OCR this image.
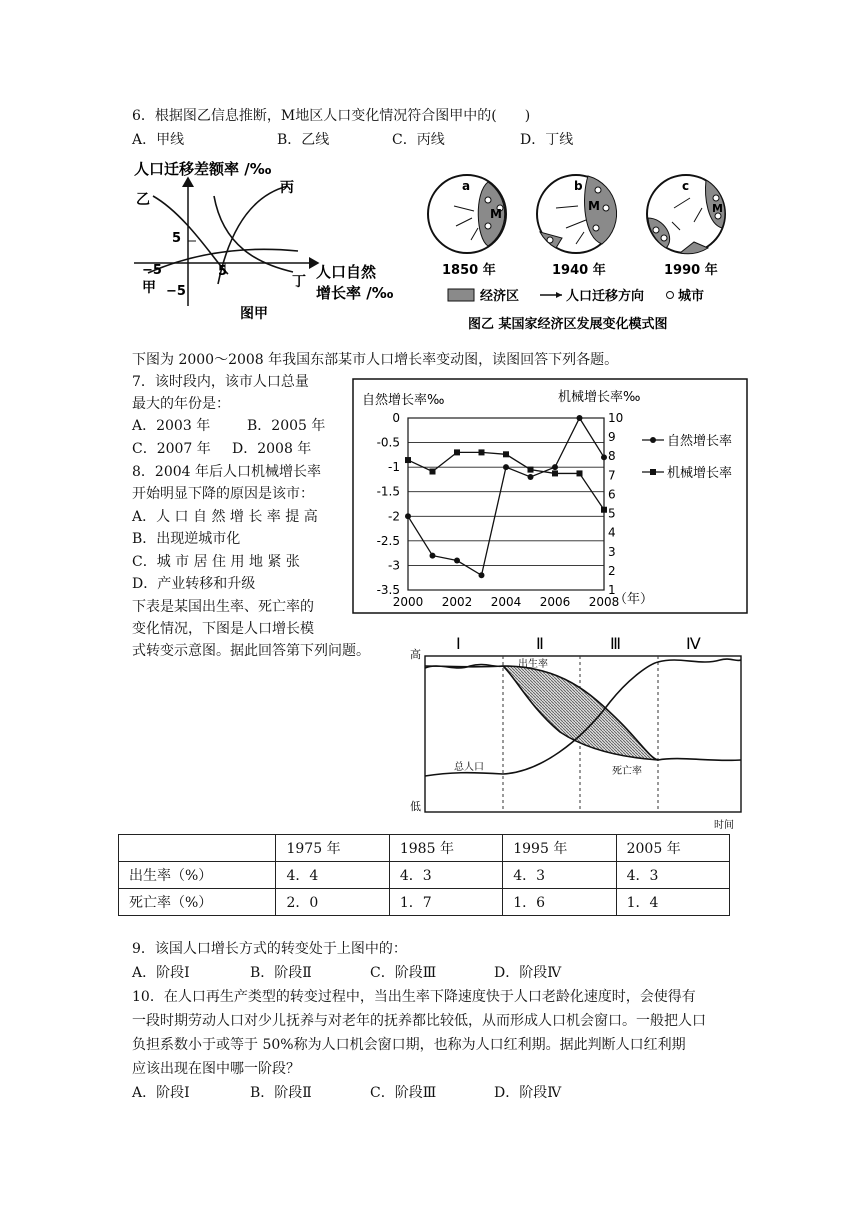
6．根据图乙信息推断，M地区人口变化情况符合图甲中的(　　)
A．甲线	B．乙线	C．丙线	D．丁线
人口迁移差额率 /‰
乙
丙
甲	丁
−5
5
−5
5	人口自然
增长率 /‰
图甲
a
M
1850 年
b
M
1940 年
c
M
1990 年
经济区	人口迁移方向	城市
图乙 某国家经济区发展变化模式图
下图为 2000～2008 年我国东部某市人口增长率变动图，读图回答下列各题。
7．该时段内，该市人口总量
最大的年份是：
A．2003 年	B．2005 年
C．2007 年 D．2008 年
8．2004 年后人口机械增长率
开始明显下降的原因是该市：
A．人 口 自 然 增 长 率 提 高
B．出现逆城市化
C．城 市 居 住 用 地 紧 张
D．产业转移和升级
下表是某国出生率、死亡率的
变化情况，下图是人口增长模
式转变示意图。据此回答第下列问题。
自然增长率‰	机械增长率‰
0
-0.5
-1
-1.5
-2
-2.5
-3
-3.5
10
9
8
7
6
5
4
3
2
1
2000 2002 2004 2006 2008
（年）
自然增长率
机械增长率
Ⅰ	Ⅱ	Ⅲ	Ⅳ
高
低
时间
出生率
死亡率
总人口
	1975 年	1985 年	1995 年	2005 年
出生率（%）	4．4	4．3	4．3	4．3
死亡率（%）	2．0	1．7	1．6	1．4
9．该国人口增长方式的转变处于上图中的：
A．阶段Ⅰ	B．阶段Ⅱ	C．阶段Ⅲ	D．阶段Ⅳ
10．在人口再生产类型的转变过程中，当出生率下降速度快于人口老龄化速度时，会使得有
一段时期劳动人口对少儿抚养与对老年的抚养都比较低，从而形成人口机会窗口。一般把人口
负担系数小于或等于 50%称为人口机会窗口期，也称为人口红利期。据此判断人口红利期
应该出现在图中哪一阶段？
A．阶段Ⅰ	B．阶段Ⅱ	C．阶段Ⅲ	D．阶段Ⅳ
